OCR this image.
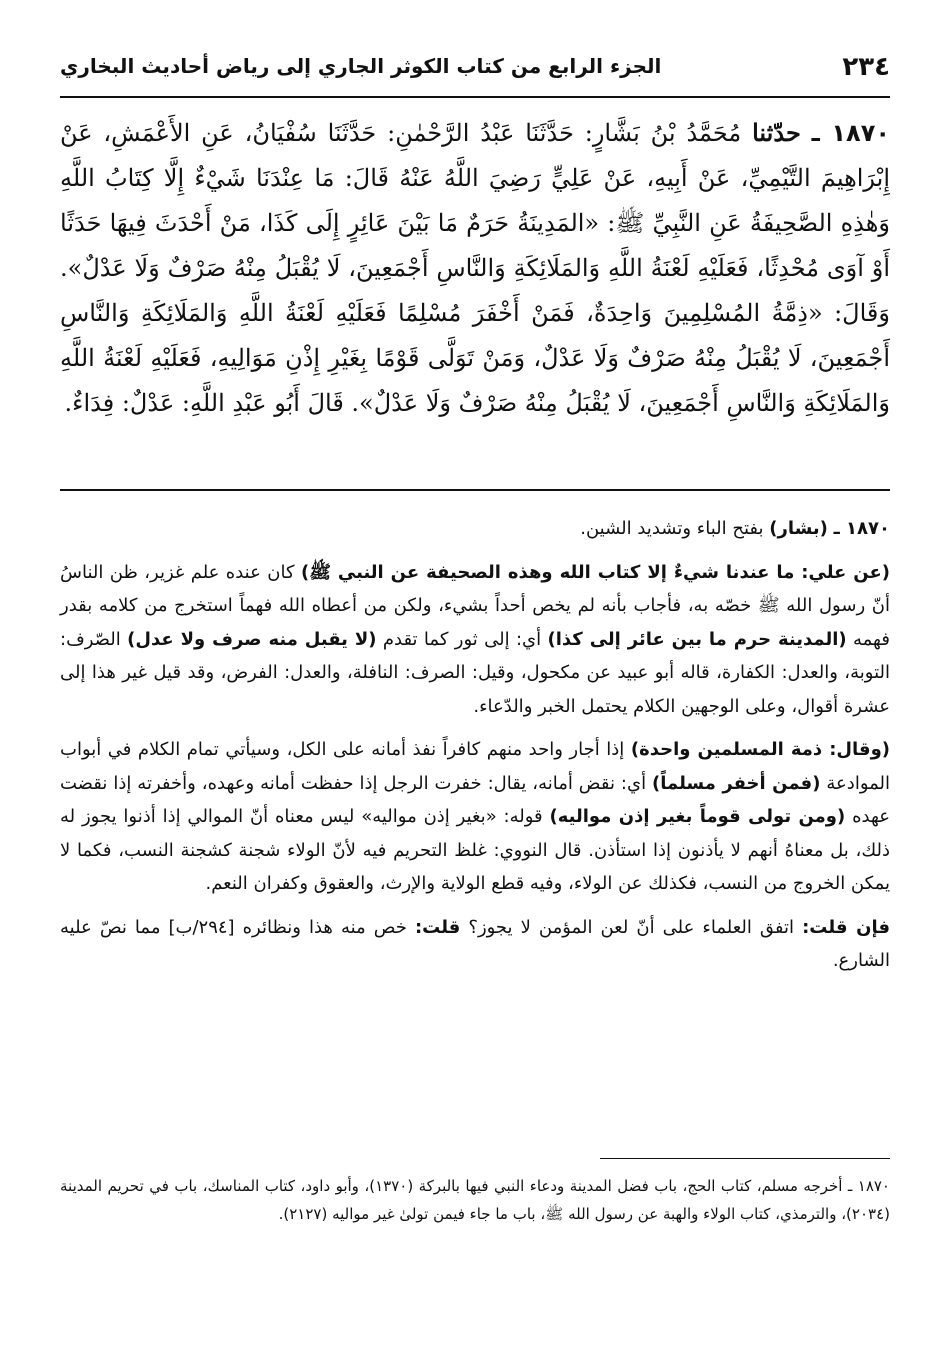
٢٣٤
الجزء الرابع من كتاب الكوثر الجاري إلى رياض أحاديث البخاري
١٨٧٠ ـ حدّثنا مُحَمَّدُ بْنُ بَشَّارٍ: حَدَّثَنَا عَبْدُ الرَّحْمٰنِ: حَدَّثَنَا سُفْيَانُ، عَنِ الأَعْمَشِ، عَنْ إِبْرَاهِيمَ التَّيْمِيِّ، عَنْ أَبِيهِ، عَنْ عَلِيٍّ رَضِيَ اللَّهُ عَنْهُ قَالَ: مَا عِنْدَنَا شَيْءٌ إِلَّا كِتَابُ اللَّهِ وَهٰذِهِ الصَّحِيفَةُ عَنِ النَّبِيِّ ﷺ: «المَدِينَةُ حَرَمٌ مَا بَيْنَ عَائِرٍ إِلَى كَذَا، مَنْ أَحْدَثَ فِيهَا حَدَثًا أَوْ آوَى مُحْدِثًا، فَعَلَيْهِ لَعْنَةُ اللَّهِ وَالمَلَائِكَةِ وَالنَّاسِ أَجْمَعِينَ، لَا يُقْبَلُ مِنْهُ صَرْفٌ وَلَا عَدْلٌ». وَقَالَ: «ذِمَّةُ المُسْلِمِينَ وَاحِدَةٌ، فَمَنْ أَخْفَرَ مُسْلِمًا فَعَلَيْهِ لَعْنَةُ اللَّهِ وَالمَلَائِكَةِ وَالنَّاسِ أَجْمَعِينَ، لَا يُقْبَلُ مِنْهُ صَرْفٌ وَلَا عَدْلٌ، وَمَنْ تَوَلَّى قَوْمًا بِغَيْرِ إِذْنِ مَوَالِيهِ، فَعَلَيْهِ لَعْنَةُ اللَّهِ وَالمَلَائِكَةِ وَالنَّاسِ أَجْمَعِينَ، لَا يُقْبَلُ مِنْهُ صَرْفٌ وَلَا عَدْلٌ». قَالَ أَبُو عَبْدِ اللَّهِ: عَدْلٌ: فِدَاءٌ.

١٨٧٠ ـ (بشار) بفتح الباء وتشديد الشين.

(عن علي: ما عندنا شيءٌ إلا كتاب الله وهذه الصحيفة عن النبي ﷺ) كان عنده علم غزير، ظن الناسُ أنّ رسول الله ﷺ خصّه به، فأجاب بأنه لم يخص أحداً بشيء، ولكن من أعطاه الله فهماً استخرج من كلامه بقدر فهمه (المدينة حرم ما بين عائر إلى كذا) أي: إلى ثور كما تقدم (لا يقبل منه صرف ولا عدل) الصّرف: التوبة، والعدل: الكفارة، قاله أبو عبيد عن مكحول، وقيل: الصرف: النافلة، والعدل: الفرض، وقد قيل غير هذا إلى عشرة أقوال، وعلى الوجهين الكلام يحتمل الخبر والدّعاء.

(وقال: ذمة المسلمين واحدة) إذا أجار واحد منهم كافراً نفذ أمانه على الكل، وسيأتي تمام الكلام في أبواب الموادعة (فمن أخفر مسلماً) أي: نقض أمانه، يقال: خفرت الرجل إذا حفظت أمانه وعهده، وأخفرته إذا نقضت عهده (ومن تولى قوماً بغير إذن مواليه) قوله: «بغير إذن مواليه» ليس معناه أنّ الموالي إذا أذنوا يجوز له ذلك، بل معناهُ أنهم لا يأذنون إذا استأذن. قال النووي: غلظ التحريم فيه لأنّ الولاء شجنة كشجنة النسب، فكما لا يمكن الخروج من النسب، فكذلك عن الولاء، وفيه قطع الولاية والإرث، والعقوق وكفران النعم.

فإن قلت: اتفق العلماء على أنّ لعن المؤمن لا يجوز؟ قلت: خص منه هذا ونظائره [٢٩٤/ب] مما نصّ عليه الشارع.

١٨٧٠ ـ أخرجه مسلم، كتاب الحج، باب فضل المدينة ودعاء النبي فيها بالبركة (١٣٧٠)، وأبو داود، كتاب المناسك، باب في تحريم المدينة (٢٠٣٤)، والترمذي، كتاب الولاء والهبة عن رسول الله ﷺ، باب ما جاء فيمن تولىٰ غير مواليه (٢١٢٧).
